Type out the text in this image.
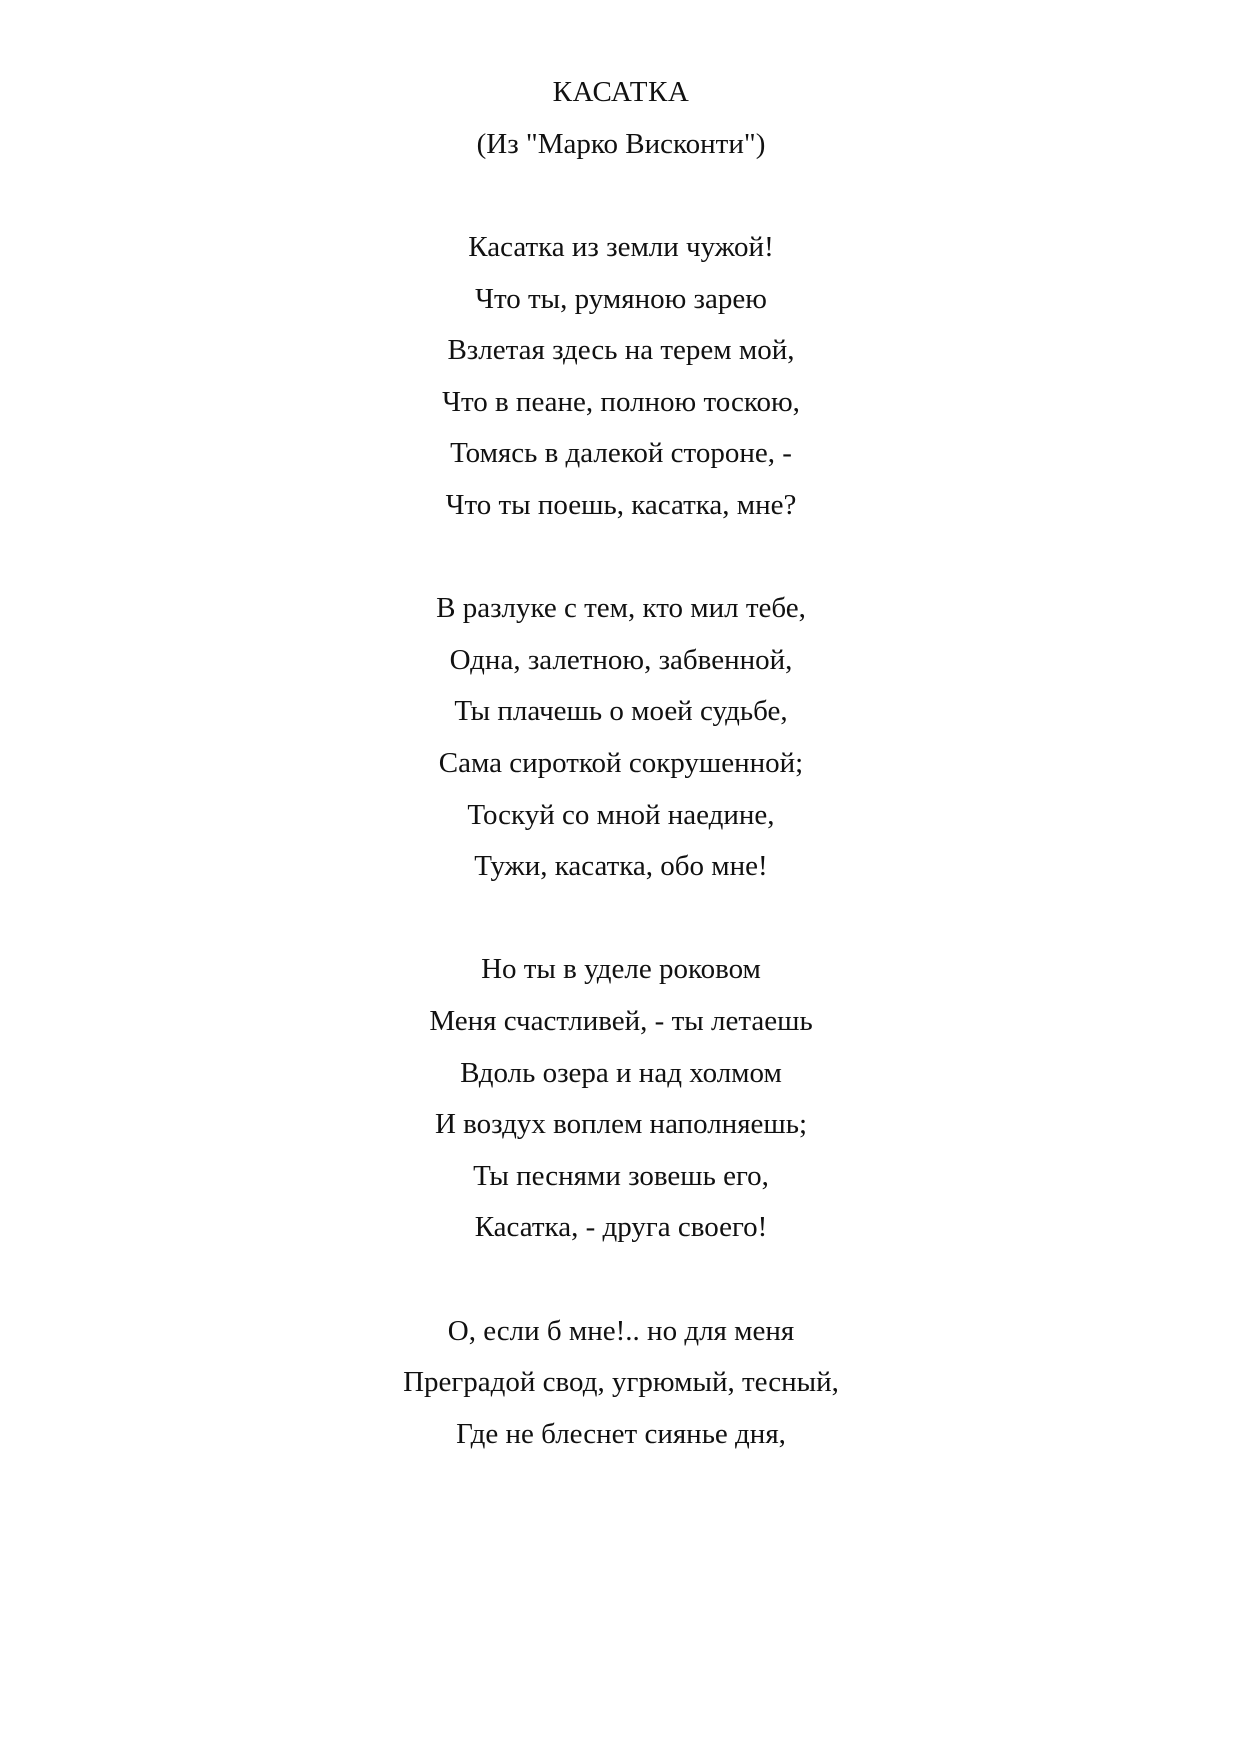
КАСАТКА
(Из "Марко Висконти")
Касатка из земли чужой!
Что ты, румяною зарею
Взлетая здесь на терем мой,
Что в пеане, полною тоскою,
Томясь в далекой стороне, -
Что ты поешь, касатка, мне?
В разлуке с тем, кто мил тебе,
Одна, залетною, забвенной,
Ты плачешь о моей судьбе,
Сама сироткой сокрушенной;
Тоскуй со мной наедине,
Тужи, касатка, обо мне!
Но ты в уделе роковом
Меня счастливей, - ты летаешь
Вдоль озера и над холмом
И воздух воплем наполняешь;
Ты песнями зовешь его,
Касатка, - друга своего!
О, если б мне!.. но для меня
Преградой свод, угрюмый, тесный,
Где не блеснет сиянье дня,
